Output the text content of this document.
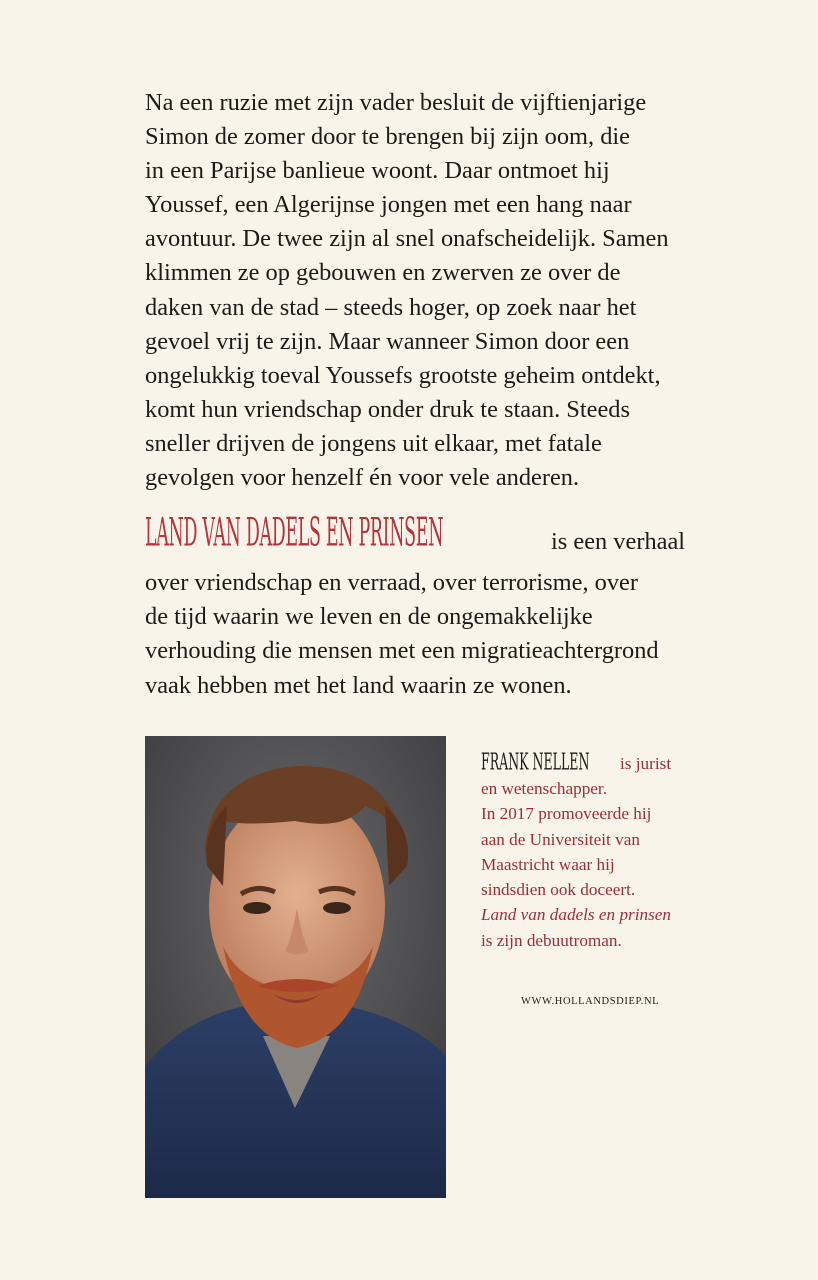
Na een ruzie met zijn vader besluit de vijftienjarige
Simon de zomer door te brengen bij zijn oom, die
in een Parijse banlieue woont. Daar ontmoet hij
Youssef, een Algerijnse jongen met een hang naar
avontuur. De twee zijn al snel onafscheidelijk. Samen
klimmen ze op gebouwen en zwerven ze over de
daken van de stad – steeds hoger, op zoek naar het
gevoel vrij te zijn. Maar wanneer Simon door een
ongelukkig toeval Youssefs grootste geheim ontdekt,
komt hun vriendschap onder druk te staan. Steeds
sneller drijven de jongens uit elkaar, met fatale
gevolgen voor henzelf én voor vele anderen.
LAND VAN DADELS EN PRINSEN	is een verhaal
over vriendschap en verraad, over terrorisme, over
de tijd waarin we leven en de ongemakkelijke
verhouding die mensen met een migratieachtergrond
vaak hebben met het land waarin ze wonen.
FRANK NELLEN is jurist
en wetenschapper.
In 2017 promoveerde hij
aan de Universiteit van
Maastricht waar hij
sindsdien ook doceert.
Land van dadels en prinsen
is zijn debuutroman.
WWW.HOLLANDSDIEP.NL
